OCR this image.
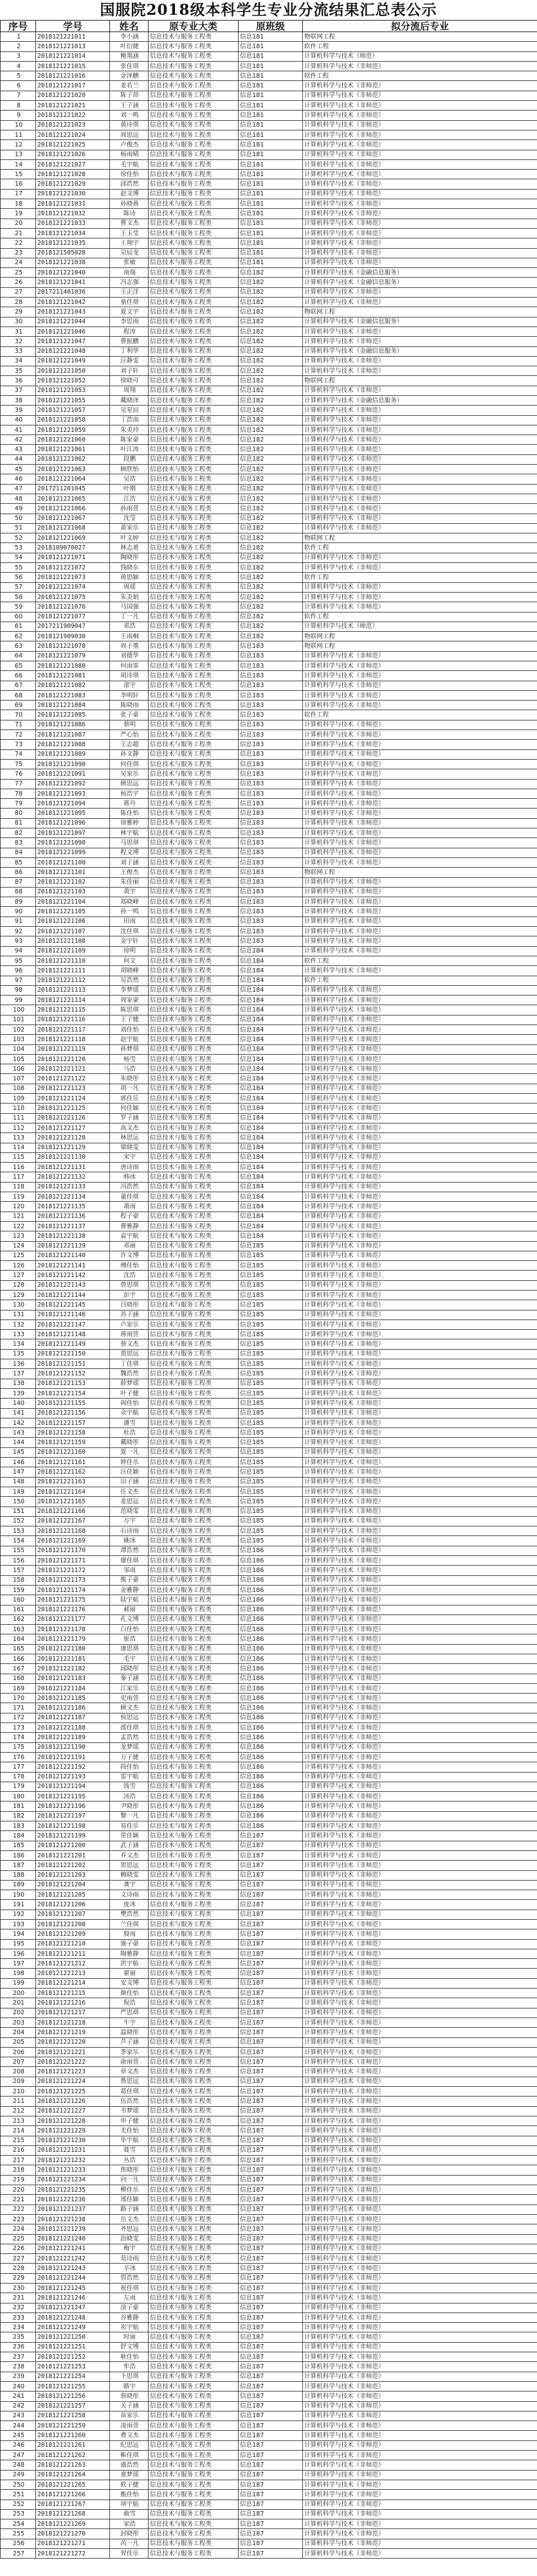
国服院2018级本科学生专业分流结果汇总表公示
序号	学号	姓名	原专业大类	原班级	拟分流后专业
1	2018121221011	李小涵	信息技术与服务工程类	信息181	物联网工程
2	2018121221013	叶衍健	信息技术与服务工程类	信息181	软件工程
3	2018121221014	鲍墨涵	信息技术与服务工程类	信息181	计算机科学与技术（师范）
4	2018121221015	张佳琪	信息技术与服务工程类	信息181	计算机科学与技术（非师范）
5	2018121221016	金泽鹏	信息技术与服务工程类	信息181	软件工程
6	2018121221017	姜若兰	信息技术与服务工程类	信息181	计算机科学与技术（非师范）
7	2018121221020	陈子昂	信息技术与服务工程类	信息181	计算机科学与技术（非师范）
8	2018121221021	王子涵	信息技术与服务工程类	信息181	计算机科学与技术（非师范）
9	2018121221022	刘一鸣	信息技术与服务工程类	信息181	计算机科学与技术（非师范）
10	2018121221023	黄诗琪	信息技术与服务工程类	信息181	计算机科学与技术（非师范）
11	2018121221024	周思远	信息技术与服务工程类	信息181	计算机科学与技术（非师范）
12	2018121221025	卢俊杰	信息技术与服务工程类	信息181	计算机科学与技术（非师范）
13	2018121221026	杨雨晴	信息技术与服务工程类	信息181	计算机科学与技术（非师范）
14	2018121221027	毛宇航	信息技术与服务工程类	信息181	计算机科学与技术（非师范）
15	2018121221028	徐佳怡	信息技术与服务工程类	信息181	计算机科学与技术（非师范）
16	2018121221029	邱浩然	信息技术与服务工程类	信息181	计算机科学与技术（非师范）
17	2018121221030	赵文博	信息技术与服务工程类	信息181	计算机科学与技术（非师范）
18	2018121221031	孙晓燕	信息技术与服务工程类	信息181	计算机科学与技术（非师范）
19	2018121221032	陈诗	信息技术与服务工程类	信息181	计算机科学与技术（非师范）
20	2018121221033	曹文杰	信息技术与服务工程类	信息181	计算机科学与技术（非师范）
21	2018121221034	王玉莹	信息技术与服务工程类	信息181	计算机科学与技术（非师范）
22	2018121221035	王翔宇	信息技术与服务工程类	信息181	计算机科学与技术（非师范）
23	2018121505028	吴辰龙	信息技术与服务工程类	信息181	计算机科学与技术（非师范）
24	2018121221038	张敏	信息技术与服务工程类	信息181	计算机科学与技术（非师范）
25	2018121221040	南瑞	信息技术与服务工程类	信息182	计算机科学与技术（金融信息服务）
26	2018121221041	冯志强	信息技术与服务工程类	信息182	计算机科学与技术（金融信息服务）
27	2017211401036	王正洋	信息技术与服务工程类	信息182	计算机科学与技术（非师范）
28	2018121221042	童佳琪	信息技术与服务工程类	信息182	计算机科学与技术（非师范）
29	2018121221043	夏文宇	信息技术与服务工程类	信息182	物联网工程
30	2018121221044	李思雨	信息技术与服务工程类	信息182	计算机科学与技术（金融信息服务）
31	2018121221046	程涛	信息技术与服务工程类	信息182	计算机科学与技术（非师范）
32	2018121221047	曹振鹏	信息技术与服务工程类	信息182	计算机科学与技术（非师范）
33	2018121221048	丁利华	信息技术与服务工程类	信息182	计算机科学与技术（金融信息服务）
34	2018121221049	汪静雯	信息技术与服务工程类	信息182	计算机科学与技术（非师范）
35	2018121221050	刘子轩	信息技术与服务工程类	信息182	计算机科学与技术（非师范）
36	2018121221052	徐晓可	信息技术与服务工程类	信息182	物联网工程
37	2018121221053	周翔	信息技术与服务工程类	信息182	计算机科学与技术（非师范）
38	2018121221055	戴晓泽	信息技术与服务工程类	信息182	计算机科学与技术（金融信息服务）
39	2018121221057	吴星辰	信息技术与服务工程类	信息182	计算机科学与技术（非师范）
40	2018121221058	丁浩南	信息技术与服务工程类	信息182	计算机科学与技术（非师范）
41	2018121221059	朱美玲	信息技术与服务工程类	信息182	计算机科学与技术（非师范）
42	2018121221060	陈家豪	信息技术与服务工程类	信息182	计算机科学与技术（非师范）
43	2018121221061	叶江涛	信息技术与服务工程类	信息182	计算机科学与技术（非师范）
44	2018121221062	段鹏	信息技术与服务工程类	信息182	计算机科学与技术（非师范）
45	2018121221063	顾欣怡	信息技术与服务工程类	信息182	计算机科学与技术（非师范）
46	2018121221064	吴浩	信息技术与服务工程类	信息182	计算机科学与技术（非师范）
47	2017211201045	叶刚	信息技术与服务工程类	信息182	计算机科学与技术（非师范）
48	2018121221065	江浩	信息技术与服务工程类	信息182	计算机科学与技术（非师范）
49	2018121221066	孙雨萱	信息技术与服务工程类	信息182	计算机科学与技术（非师范）
50	2018121221067	沈莹	信息技术与服务工程类	信息182	计算机科学与技术（非师范）
51	2018121221068	黄家乐	信息技术与服务工程类	信息182	计算机科学与技术（非师范）
52	2018121221069	叶文婷	信息技术与服务工程类	信息182	物联网工程
53	2018109070027	林志勇	信息技术与服务工程类	信息182	软件工程
54	2018121221071	陶晓彤	信息技术与服务工程类	信息182	计算机科学与技术（非师范）
55	2018121221072	钱晓东	信息技术与服务工程类	信息182	计算机科学与技术（非师范）
56	2018121221073	蒋思颖	信息技术与服务工程类	信息182	软件工程
57	2018121221074	周瑶	信息技术与服务工程类	信息182	计算机科学与技术（非师范）
58	2018121221075	朱美娟	信息技术与服务工程类	信息182	计算机科学与技术（非师范）
59	2018121221076	马国强	信息技术与服务工程类	信息182	计算机科学与技术（非师范）
60	2018121221077	丁一凡	信息技术与服务工程类	信息182	软件工程
61	2017211909047	邓浩	信息技术与服务工程类	信息182	计算机科学与技术（师范）
62	2018121909030	王雨桐	信息技术与服务工程类	信息182	物联网工程
63	2018121221078	周子墨	信息技术与服务工程类	信息183	物联网工程
64	2018121221079	刘德华	信息技术与服务工程类	信息183	计算机科学与技术（非师范）
65	2018121221080	何雨霏	信息技术与服务工程类	信息183	计算机科学与技术（非师范）
66	2018121221081	胡诗琪	信息技术与服务工程类	信息183	计算机科学与技术（非师范）
67	2018121221082	邵宇	信息技术与服务工程类	信息183	计算机科学与技术（非师范）
68	2018121221083	李明轩	信息技术与服务工程类	信息183	计算机科学与技术（非师范）
69	2018121221084	陈晓雨	信息技术与服务工程类	信息183	计算机科学与技术（非师范）
70	2018121221085	张子豪	信息技术与服务工程类	信息183	软件工程
71	2018121221086	蔡明	信息技术与服务工程类	信息183	计算机科学与技术（非师范）
72	2018121221087	严心怡	信息技术与服务工程类	信息183	计算机科学与技术（非师范）
73	2018121221088	王志超	信息技术与服务工程类	信息183	计算机科学与技术（非师范）
74	2018121221089	孙文静	信息技术与服务工程类	信息183	计算机科学与技术（非师范）
75	2018121221090	何佳琪	信息技术与服务工程类	信息183	计算机科学与技术（非师范）
76	2018121221091	吴家乐	信息技术与服务工程类	信息183	计算机科学与技术（非师范）
77	2018121221092	顾思远	信息技术与服务工程类	信息183	计算机科学与技术（非师范）
78	2018121221093	杨浩宇	信息技术与服务工程类	信息183	计算机科学与技术（非师范）
79	2018121221094	蒋丹	信息技术与服务工程类	信息183	计算机科学与技术（非师范）
80	2018121221095	陈佳怡	信息技术与服务工程类	信息183	计算机科学与技术（非师范）
81	2018121221096	徐雅婷	信息技术与服务工程类	信息183	计算机科学与技术（非师范）
82	2018121221097	林宇航	信息技术与服务工程类	信息183	计算机科学与技术（非师范）
83	2018121221098	马思琪	信息技术与服务工程类	信息183	计算机科学与技术（非师范）
84	2018121221099	程文博	信息技术与服务工程类	信息183	计算机科学与技术（非师范）
85	2018121221100	刘子涵	信息技术与服务工程类	信息183	计算机科学与技术（非师范）
86	2018121221101	王俊杰	信息技术与服务工程类	信息183	物联网工程
87	2018121221102	朱佳丽	信息技术与服务工程类	信息183	计算机科学与技术（非师范）
88	2018121221103	黄宇	信息技术与服务工程类	信息183	计算机科学与技术（非师范）
89	2018121221104	郑晓峰	信息技术与服务工程类	信息183	计算机科学与技术（非师范）
90	2018121221105	孙一鸣	信息技术与服务工程类	信息183	计算机科学与技术（非师范）
91	2018121221106	田雨	信息技术与服务工程类	信息183	计算机科学与技术（非师范）
92	2018121221107	沈佳琪	信息技术与服务工程类	信息183	计算机科学与技术（非师范）
93	2018121221108	金宇轩	信息技术与服务工程类	信息183	计算机科学与技术（非师范）
94	2018121221109	徐明	信息技术与服务工程类	信息184	计算机科学与技术（非师范）
95	2018121221110	何文	信息技术与服务工程类	信息184	软件工程
96	2018121221111	胡晓峰	信息技术与服务工程类	信息184	计算机科学与技术（非师范）
97	2018121221112	吴浩然	信息技术与服务工程类	信息184	软件工程
98	2018121221113	李梦瑶	信息技术与服务工程类	信息184	计算机科学与技术（非师范）
99	2018121221114	周家豪	信息技术与服务工程类	信息184	计算机科学与技术（非师范）
100	2018121221115	陈思琪	信息技术与服务工程类	信息184	计算机科学与技术（非师范）
101	2018121221116	王子健	信息技术与服务工程类	信息184	计算机科学与技术（非师范）
102	2018121221117	刘佳怡	信息技术与服务工程类	信息184	计算机科学与技术（非师范）
103	2018121221118	赵宇航	信息技术与服务工程类	信息184	计算机科学与技术（非师范）
104	2018121221119	孙梦琪	信息技术与服务工程类	信息184	计算机科学与技术（非师范）
105	2018121221120	杨雪	信息技术与服务工程类	信息184	计算机科学与技术（非师范）
106	2018121221121	马浩	信息技术与服务工程类	信息184	计算机科学与技术（非师范）
107	2018121221122	朱晓彤	信息技术与服务工程类	信息184	计算机科学与技术（非师范）
108	2018121221123	胡一凡	信息技术与服务工程类	信息184	计算机科学与技术（非师范）
109	2018121221124	郭佳乐	信息技术与服务工程类	信息184	计算机科学与技术（非师范）
110	2018121221125	何佳颖	信息技术与服务工程类	信息184	计算机科学与技术（非师范）
111	2018121221126	罗子涵	信息技术与服务工程类	信息184	计算机科学与技术（非师范）
112	2018121221127	高文杰	信息技术与服务工程类	信息184	计算机科学与技术（非师范）
113	2018121221128	林思远	信息技术与服务工程类	信息184	计算机科学与技术（非师范）
114	2018121221129	梁晓雯	信息技术与服务工程类	信息184	计算机科学与技术（非师范）
115	2018121221130	宋宇	信息技术与服务工程类	信息184	计算机科学与技术（非师范）
116	2018121221131	唐诗雨	信息技术与服务工程类	信息184	计算机科学与技术（非师范）
117	2018121221132	韩冰	信息技术与服务工程类	信息184	计算机科学与技术（非师范）
118	2018121221133	冯浩然	信息技术与服务工程类	信息184	计算机科学与技术（非师范）
119	2018121221134	董佳琪	信息技术与服务工程类	信息184	计算机科学与技术（非师范）
120	2018121221135	萧雨	信息技术与服务工程类	信息184	计算机科学与技术（非师范）
121	2018121221136	程子豪	信息技术与服务工程类	信息184	计算机科学与技术（非师范）
122	2018121221137	曹雅静	信息技术与服务工程类	信息184	计算机科学与技术（非师范）
123	2018121221138	袁宇航	信息技术与服务工程类	信息184	计算机科学与技术（非师范）
124	2018121221139	邓丽	信息技术与服务工程类	信息185	计算机科学与技术（非师范）
125	2018121221140	许文博	信息技术与服务工程类	信息185	计算机科学与技术（非师范）
126	2018121221141	傅佳怡	信息技术与服务工程类	信息185	计算机科学与技术（非师范）
127	2018121221142	沈浩	信息技术与服务工程类	信息185	计算机科学与技术（非师范）
128	2018121221143	曾思琪	信息技术与服务工程类	信息185	计算机科学与技术（非师范）
129	2018121221144	彭宇	信息技术与服务工程类	信息185	计算机科学与技术（非师范）
130	2018121221145	吕晓彤	信息技术与服务工程类	信息185	计算机科学与技术（非师范）
131	2018121221146	苏子涵	信息技术与服务工程类	信息185	计算机科学与技术（非师范）
132	2018121221147	卢家乐	信息技术与服务工程类	信息185	计算机科学与技术（非师范）
133	2018121221148	蒋雨萱	信息技术与服务工程类	信息185	计算机科学与技术（非师范）
134	2018121221149	蔡文杰	信息技术与服务工程类	信息185	计算机科学与技术（非师范）
135	2018121221150	贾思远	信息技术与服务工程类	信息185	计算机科学与技术（非师范）
136	2018121221151	丁佳琪	信息技术与服务工程类	信息185	计算机科学与技术（非师范）
137	2018121221152	魏浩然	信息技术与服务工程类	信息185	计算机科学与技术（非师范）
138	2018121221153	薛梦瑶	信息技术与服务工程类	信息185	计算机科学与技术（非师范）
139	2018121221154	叶子健	信息技术与服务工程类	信息185	计算机科学与技术（非师范）
140	2018121221155	阎佳怡	信息技术与服务工程类	信息185	计算机科学与技术（非师范）
141	2018121221156	余宇航	信息技术与服务工程类	信息185	计算机科学与技术（非师范）
142	2018121221157	潘雪	信息技术与服务工程类	信息185	计算机科学与技术（非师范）
143	2018121221158	杜浩	信息技术与服务工程类	信息185	计算机科学与技术（非师范）
144	2018121221159	戴晓彤	信息技术与服务工程类	信息185	计算机科学与技术（非师范）
145	2018121221160	夏一凡	信息技术与服务工程类	信息185	计算机科学与技术（非师范）
146	2018121221161	钟佳乐	信息技术与服务工程类	信息185	计算机科学与技术（非师范）
147	2018121221162	汪佳颖	信息技术与服务工程类	信息185	计算机科学与技术（非师范）
148	2018121221163	田子涵	信息技术与服务工程类	信息185	计算机科学与技术（非师范）
149	2018121221164	任文杰	信息技术与服务工程类	信息185	计算机科学与技术（非师范）
150	2018121221165	姜思远	信息技术与服务工程类	信息185	计算机科学与技术（非师范）
151	2018121221166	范晓雯	信息技术与服务工程类	信息185	计算机科学与技术（非师范）
152	2018121221167	方宇	信息技术与服务工程类	信息185	计算机科学与技术（非师范）
153	2018121221168	石诗雨	信息技术与服务工程类	信息185	计算机科学与技术（非师范）
154	2018121221169	姚冰	信息技术与服务工程类	信息185	计算机科学与技术（非师范）
155	2018121221170	谭浩然	信息技术与服务工程类	信息186	计算机科学与技术（非师范）
156	2018121221171	廖佳琪	信息技术与服务工程类	信息186	计算机科学与技术（非师范）
157	2018121221172	邹雨	信息技术与服务工程类	信息186	计算机科学与技术（非师范）
158	2018121221173	熊子豪	信息技术与服务工程类	信息186	计算机科学与技术（非师范）
159	2018121221174	金雅静	信息技术与服务工程类	信息186	计算机科学与技术（非师范）
160	2018121221175	陆宇航	信息技术与服务工程类	信息186	计算机科学与技术（非师范）
161	2018121221176	郝丽	信息技术与服务工程类	信息186	计算机科学与技术（非师范）
162	2018121221177	孔文博	信息技术与服务工程类	信息186	计算机科学与技术（非师范）
163	2018121221178	白佳怡	信息技术与服务工程类	信息186	计算机科学与技术（非师范）
164	2018121221179	崔浩	信息技术与服务工程类	信息186	计算机科学与技术（非师范）
165	2018121221180	康思琪	信息技术与服务工程类	信息186	计算机科学与技术（非师范）
166	2018121221181	毛宇	信息技术与服务工程类	信息186	计算机科学与技术（非师范）
167	2018121221182	邱晓彤	信息技术与服务工程类	信息186	计算机科学与技术（非师范）
168	2018121221183	秦子涵	信息技术与服务工程类	信息186	计算机科学与技术（非师范）
169	2018121221184	江家乐	信息技术与服务工程类	信息186	计算机科学与技术（非师范）
170	2018121221185	史雨萱	信息技术与服务工程类	信息186	计算机科学与技术（非师范）
171	2018121221186	顾文杰	信息技术与服务工程类	信息186	计算机科学与技术（非师范）
172	2018121221187	侯思远	信息技术与服务工程类	信息186	计算机科学与技术（非师范）
173	2018121221188	邵佳琪	信息技术与服务工程类	信息186	计算机科学与技术（非师范）
174	2018121221189	孟浩然	信息技术与服务工程类	信息186	计算机科学与技术（非师范）
175	2018121221190	龙梦瑶	信息技术与服务工程类	信息186	计算机科学与技术（非师范）
176	2018121221191	万子健	信息技术与服务工程类	信息186	计算机科学与技术（非师范）
177	2018121221192	段佳怡	信息技术与服务工程类	信息186	计算机科学与技术（非师范）
178	2018121221193	雷宇航	信息技术与服务工程类	信息186	计算机科学与技术（非师范）
179	2018121221194	钱雪	信息技术与服务工程类	信息186	计算机科学与技术（非师范）
180	2018121221195	汤浩	信息技术与服务工程类	信息186	计算机科学与技术（非师范）
181	2018121221196	尹晓彤	信息技术与服务工程类	信息186	计算机科学与技术（非师范）
182	2018121221197	黎一凡	信息技术与服务工程类	信息186	计算机科学与技术（非师范）
183	2018121221198	易佳乐	信息技术与服务工程类	信息186	计算机科学与技术（非师范）
184	2018121221199	常佳颖	信息技术与服务工程类	信息187	计算机科学与技术（非师范）
185	2018121221200	武子涵	信息技术与服务工程类	信息187	计算机科学与技术（非师范）
186	2018121221201	乔文杰	信息技术与服务工程类	信息187	计算机科学与技术（非师范）
187	2018121221202	贺思远	信息技术与服务工程类	信息187	计算机科学与技术（非师范）
188	2018121221203	赖晓雯	信息技术与服务工程类	信息187	计算机科学与技术（非师范）
189	2018121221204	龚宇	信息技术与服务工程类	信息187	计算机科学与技术（非师范）
190	2018121221205	文诗雨	信息技术与服务工程类	信息187	计算机科学与技术（非师范）
191	2018121221206	庞冰	信息技术与服务工程类	信息187	计算机科学与技术（非师范）
192	2018121221207	樊浩然	信息技术与服务工程类	信息187	计算机科学与技术（非师范）
193	2018121221208	兰佳琪	信息技术与服务工程类	信息187	计算机科学与技术（非师范）
194	2018121221209	殷雨	信息技术与服务工程类	信息187	计算机科学与技术（非师范）
195	2018121221210	施子豪	信息技术与服务工程类	信息187	计算机科学与技术（非师范）
196	2018121221211	陶雅静	信息技术与服务工程类	信息187	计算机科学与技术（非师范）
197	2018121221212	洪宇航	信息技术与服务工程类	信息187	计算机科学与技术（非师范）
198	2018121221213	翟丽	信息技术与服务工程类	信息187	计算机科学与技术（非师范）
199	2018121221214	安文博	信息技术与服务工程类	信息187	计算机科学与技术（非师范）
200	2018121221215	颜佳怡	信息技术与服务工程类	信息187	计算机科学与技术（非师范）
201	2018121221216	倪浩	信息技术与服务工程类	信息187	计算机科学与技术（非师范）
202	2018121221217	严思琪	信息技术与服务工程类	信息187	计算机科学与技术（非师范）
203	2018121221218	牛宇	信息技术与服务工程类	信息187	计算机科学与技术（非师范）
204	2018121221219	温晓彤	信息技术与服务工程类	信息187	计算机科学与技术（非师范）
205	2018121221220	芦子涵	信息技术与服务工程类	信息187	计算机科学与技术（非师范）
206	2018121221221	季家乐	信息技术与服务工程类	信息187	计算机科学与技术（非师范）
207	2018121221222	俞雨萱	信息技术与服务工程类	信息187	计算机科学与技术（非师范）
208	2018121221223	章文杰	信息技术与服务工程类	信息187	计算机科学与技术（非师范）
209	2018121221224	鲁思远	信息技术与服务工程类	信息187	计算机科学与技术（非师范）
210	2018121221225	葛佳琪	信息技术与服务工程类	信息187	计算机科学与技术（非师范）
211	2018121221226	伍浩然	信息技术与服务工程类	信息187	计算机科学与技术（非师范）
212	2018121221227	韦梦瑶	信息技术与服务工程类	信息187	计算机科学与技术（非师范）
213	2018121221228	申子健	信息技术与服务工程类	信息187	计算机科学与技术（非师范）
214	2018121221229	尤佳怡	信息技术与服务工程类	信息187	计算机科学与技术（非师范）
215	2018121221230	毕宇航	信息技术与服务工程类	信息187	计算机科学与技术（非师范）
216	2018121221231	聂雪	信息技术与服务工程类	信息187	计算机科学与技术（非师范）
217	2018121221232	丛浩	信息技术与服务工程类	信息187	计算机科学与技术（非师范）
218	2018121221233	焦晓彤	信息技术与服务工程类	信息187	计算机科学与技术（非师范）
219	2018121221234	向一凡	信息技术与服务工程类	信息187	计算机科学与技术（非师范）
220	2018121221235	柳佳乐	信息技术与服务工程类	信息187	计算机科学与技术（非师范）
221	2018121221236	邢佳颖	信息技术与服务工程类	信息187	计算机科学与技术（非师范）
222	2018121221237	路子涵	信息技术与服务工程类	信息187	计算机科学与技术（非师范）
223	2018121221238	岳文杰	信息技术与服务工程类	信息187	计算机科学与技术（非师范）
224	2018121221239	齐思远	信息技术与服务工程类	信息187	计算机科学与技术（非师范）
225	2018121221240	沿晓雯	信息技术与服务工程类	信息187	计算机科学与技术（非师范）
226	2018121221241	梅宇	信息技术与服务工程类	信息187	计算机科学与技术（非师范）
227	2018121221242	莫诗雨	信息技术与服务工程类	信息187	计算机科学与技术（非师范）
228	2018121221243	辛冰	信息技术与服务工程类	信息187	计算机科学与技术（非师范）
229	2018121221244	管浩然	信息技术与服务工程类	信息187	计算机科学与技术（非师范）
230	2018121221245	祝佳琪	信息技术与服务工程类	信息187	计算机科学与技术（非师范）
231	2018121221246	左雨	信息技术与服务工程类	信息187	计算机科学与技术（非师范）
232	2018121221247	涂子豪	信息技术与服务工程类	信息187	计算机科学与技术（非师范）
233	2018121221248	谷雅静	信息技术与服务工程类	信息187	计算机科学与技术（非师范）
234	2018121221249	祁宇航	信息技术与服务工程类	信息187	计算机科学与技术（非师范）
235	2018121221250	时丽	信息技术与服务工程类	信息187	计算机科学与技术（非师范）
236	2018121221251	舒文博	信息技术与服务工程类	信息187	计算机科学与技术（非师范）
237	2018121221252	耿佳怡	信息技术与服务工程类	信息187	计算机科学与技术（非师范）
238	2018121221253	牟浩	信息技术与服务工程类	信息187	计算机科学与技术（非师范）
239	2018121221254	卜思琪	信息技术与服务工程类	信息187	计算机科学与技术（非师范）
240	2018121221255	路宇	信息技术与服务工程类	信息187	计算机科学与技术（非师范）
241	2018121221256	詹晓彤	信息技术与服务工程类	信息187	计算机科学与技术（非师范）
242	2018121221257	关子涵	信息技术与服务工程类	信息187	计算机科学与技术（非师范）
243	2018121221258	苗家乐	信息技术与服务工程类	信息187	计算机科学与技术（非师范）
244	2018121221259	凌雨萱	信息技术与服务工程类	信息187	计算机科学与技术（非师范）
245	2018121221260	费文杰	信息技术与服务工程类	信息187	计算机科学与技术（非师范）
246	2018121221261	纪思远	信息技术与服务工程类	信息187	计算机科学与技术（非师范）
247	2018121221262	靳佳琪	信息技术与服务工程类	信息187	计算机科学与技术（非师范）
248	2018121221263	盛浩然	信息技术与服务工程类	信息187	计算机科学与技术（非师范）
249	2018121221264	童梦瑶	信息技术与服务工程类	信息187	计算机科学与技术（非师范）
250	2018121221265	欧子健	信息技术与服务工程类	信息187	计算机科学与技术（非师范）
251	2018121221266	甄佳怡	信息技术与服务工程类	信息187	计算机科学与技术（非师范）
252	2018121221267	项宇航	信息技术与服务工程类	信息187	计算机科学与技术（非师范）
253	2018121221268	曲雪	信息技术与服务工程类	信息187	计算机科学与技术（非师范）
254	2018121221269	家浩	信息技术与服务工程类	信息187	计算机科学与技术（非师范）
255	2018121221270	封晓彤	信息技术与服务工程类	信息187	计算机科学与技术（非师范）
256	2018121221271	芮一凡	信息技术与服务工程类	信息187	计算机科学与技术（非师范）
257	2018121221272	羿佳乐	信息技术与服务工程类	信息187	计算机科学与技术（非师范）
